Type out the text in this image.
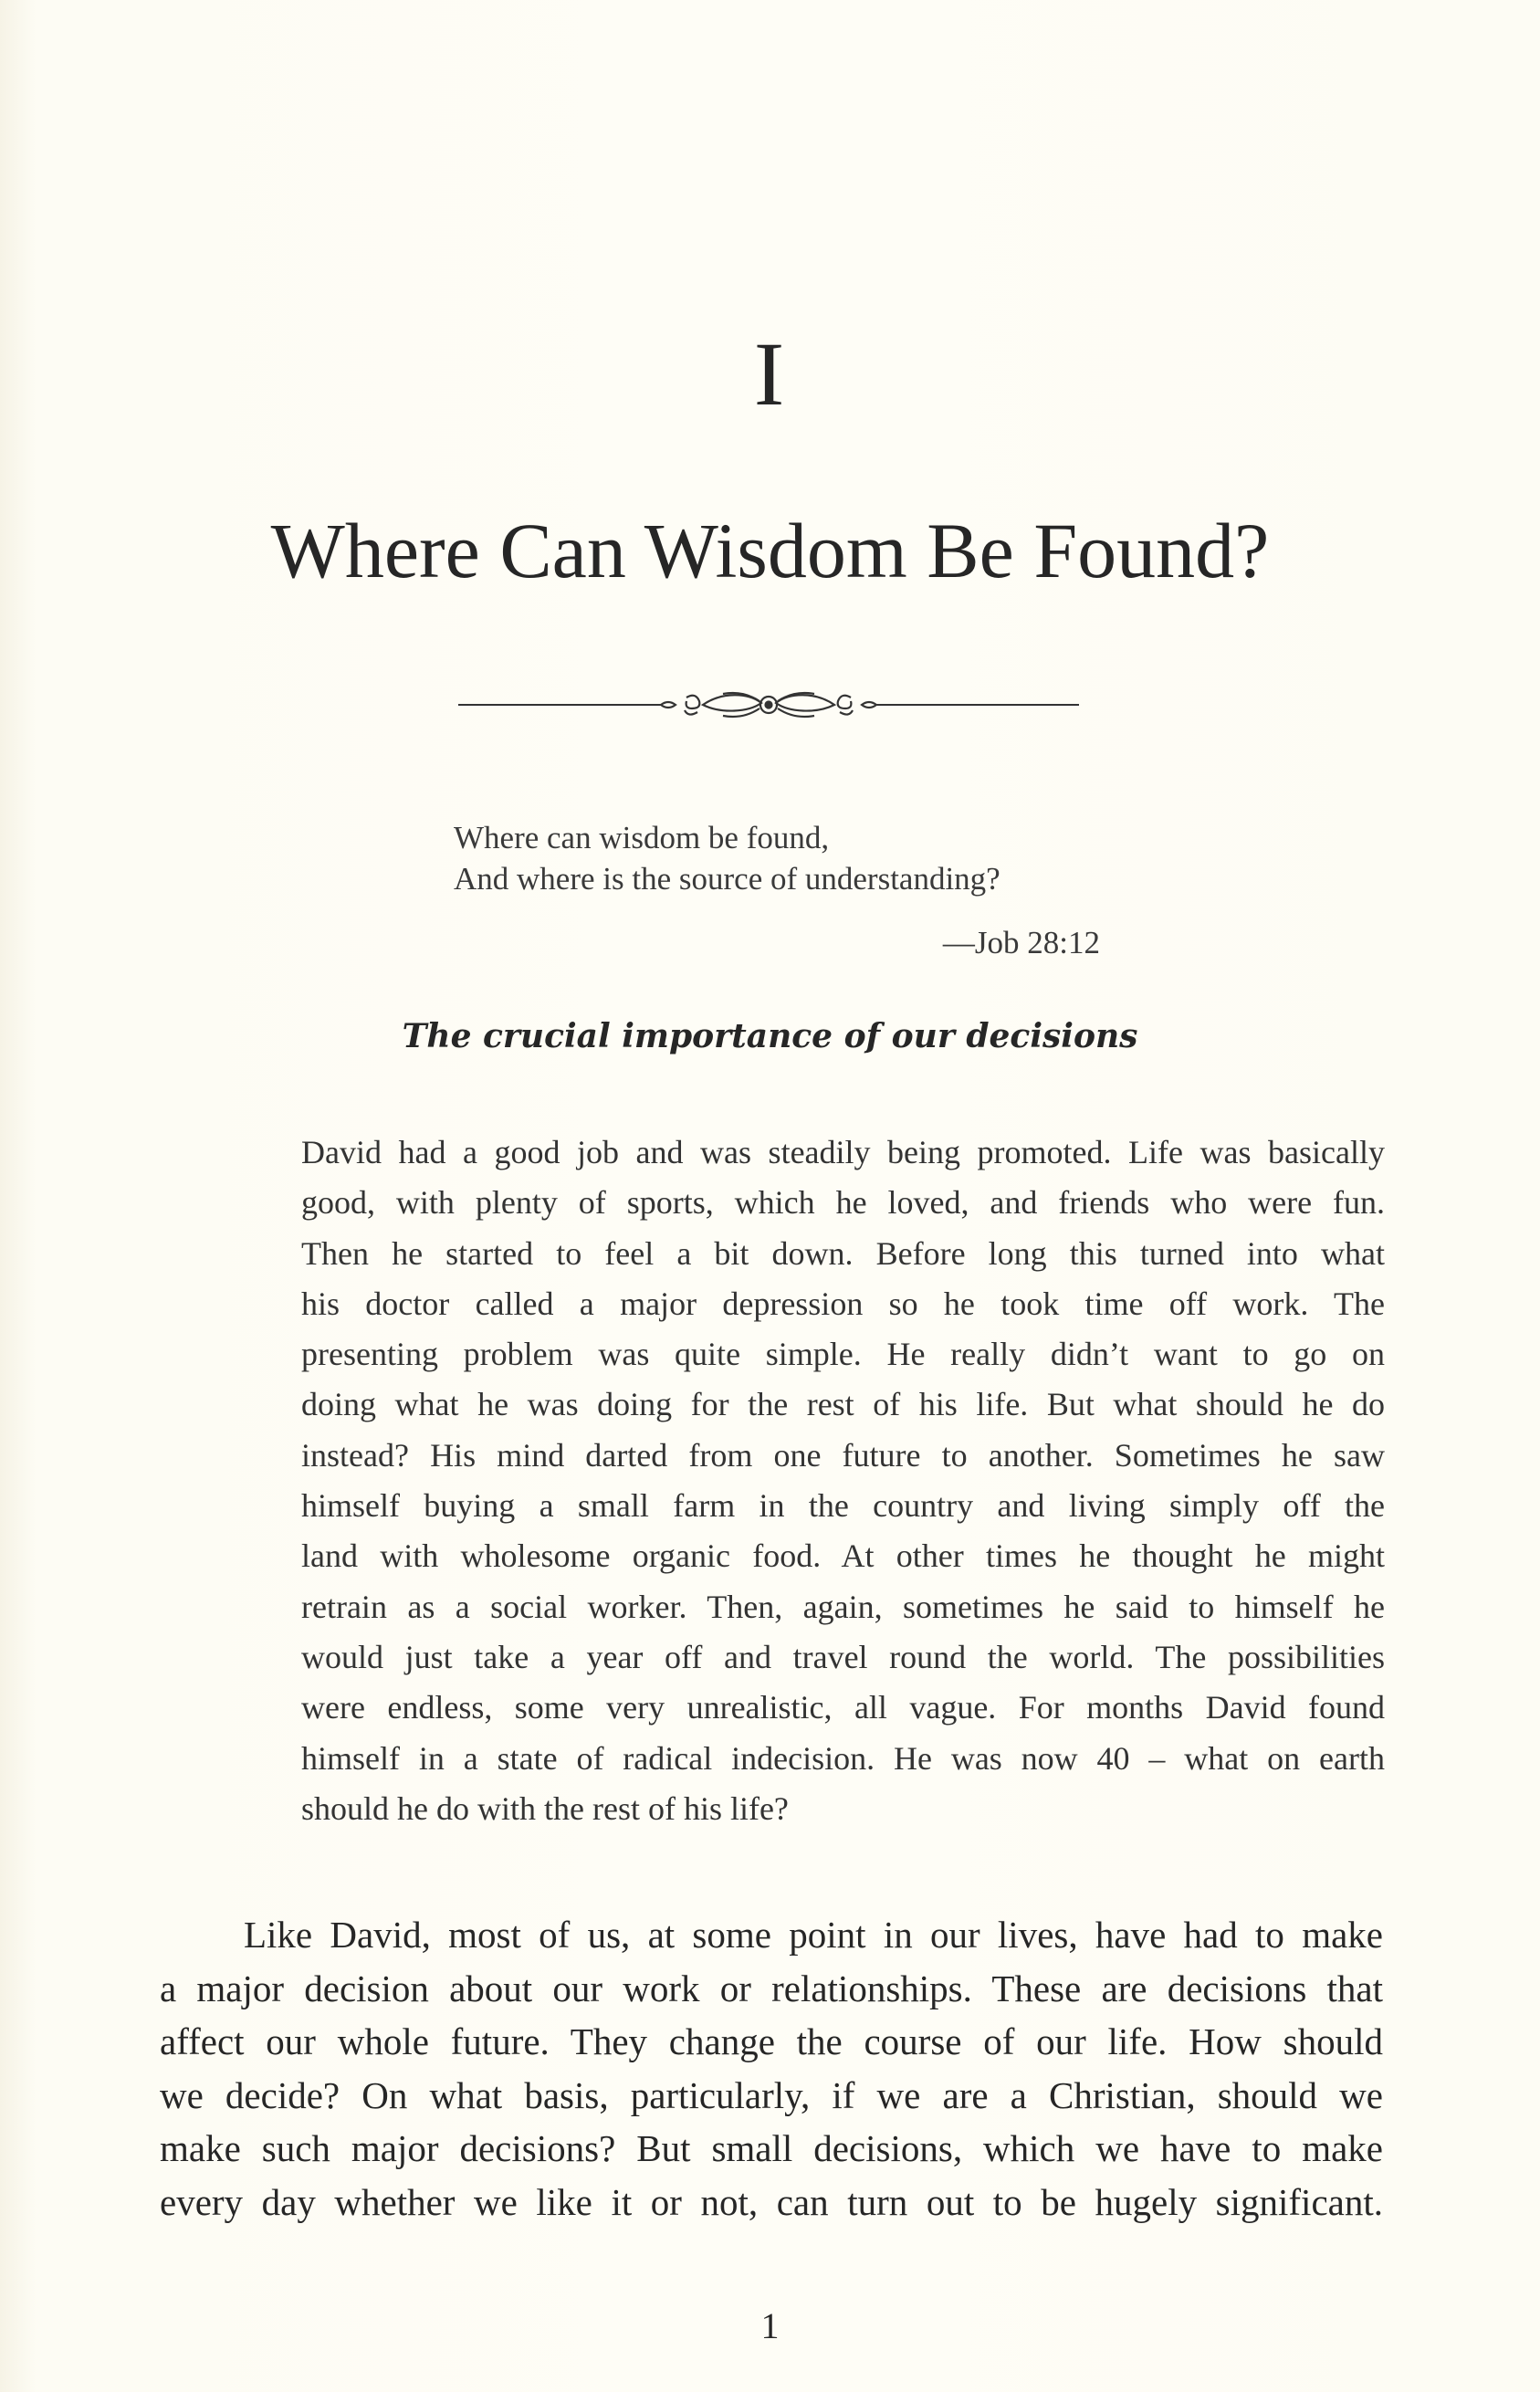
I
Where Can Wisdom Be Found?
Where can wisdom be found,
And where is the source of understanding?
—Job 28:12
The crucial importance of our decisions
David had a good job and was steadily being promoted. Life was basically
good, with plenty of sports, which he loved, and friends who were fun.
Then he started to feel a bit down. Before long this turned into what
his doctor called a major depression so he took time off work. The
presenting problem was quite simple. He really didn’t want to go on
doing what he was doing for the rest of his life. But what should he do
instead? His mind darted from one future to another. Sometimes he saw
himself buying a small farm in the country and living simply off the
land with wholesome organic food. At other times he thought he might
retrain as a social worker. Then, again, sometimes he said to himself he
would just take a year off and travel round the world. The possibilities
were endless, some very unrealistic, all vague. For months David found
himself in a state of radical indecision. He was now 40 – what on earth
should he do with the rest of his life?
Like David, most of us, at some point in our lives, have had to make
a major decision about our work or relationships. These are decisions that
affect our whole future. They change the course of our life. How should
we decide? On what basis, particularly, if we are a Christian, should we
make such major decisions? But small decisions, which we have to make
every day whether we like it or not, can turn out to be hugely significant.
1
